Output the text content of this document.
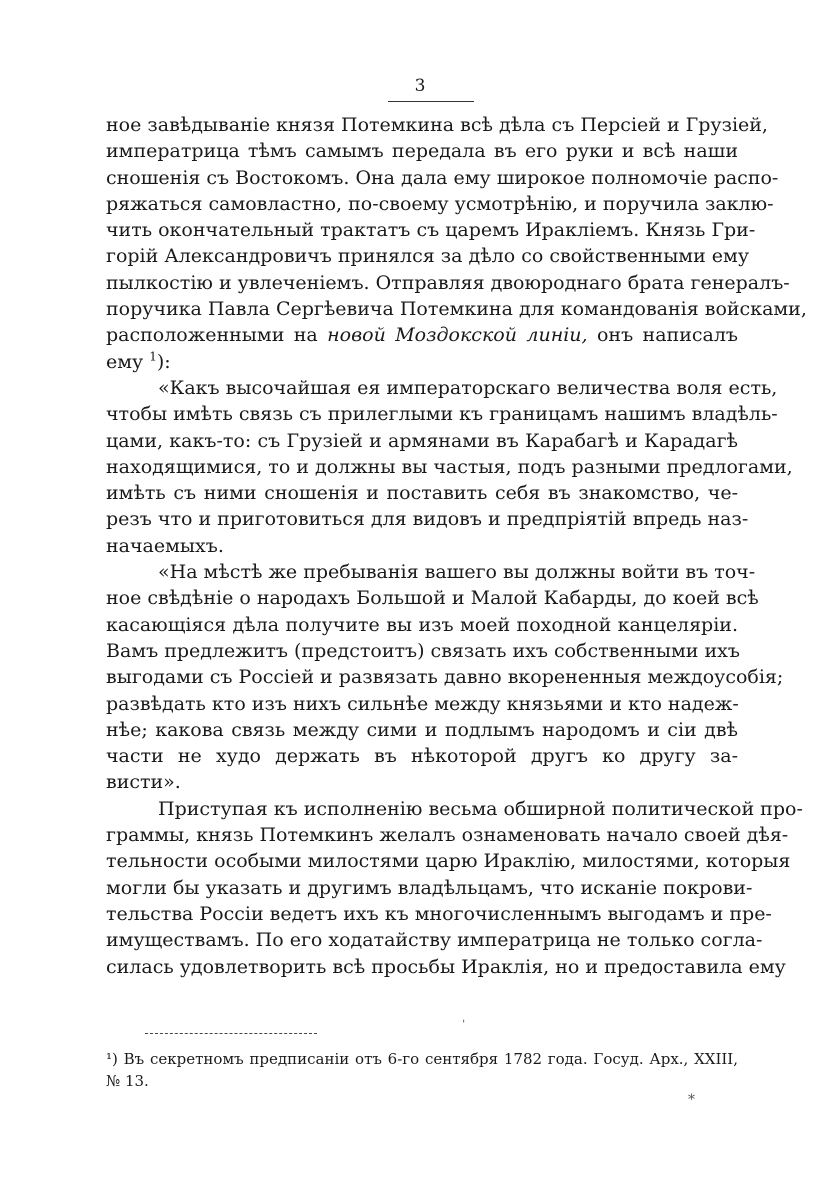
3
ное завѣдываніе князя Потемкина всѣ дѣла съ Персіей и Грузіей,
императрица тѣмъ самымъ передала въ его руки и всѣ наши
сношенія съ Востокомъ. Она дала ему широкое полномочіе распо-
ряжаться самовластно, по-своему усмотрѣнію, и поручила заклю-
чить окончательный трактатъ съ царемъ Иракліемъ. Князь Гри-
горій Александровичъ принялся за дѣло со свойственными ему
пылкостію и увлеченіемъ. Отправляя двоюроднаго брата генералъ-
поручика Павла Сергѣевича Потемкина для командованія войсками,
расположенными на новой Моздокской линіи, онъ написалъ
ему $^1$):
«Какъ высочайшая ея императорскаго величества воля есть,
чтобы имѣть связь съ прилеглыми къ границамъ нашимъ владѣль-
цами, какъ-то: съ Грузіей и армянами въ Карабагѣ и Карадагѣ
находящимися, то и должны вы частыя, подъ разными предлогами,
имѣть съ ними сношенія и поставить себя въ знакомство, че-
резъ что и приготовиться для видовъ и предпріятій впредь наз-
начаемыхъ.
«На мѣстѣ же пребыванія вашего вы должны войти въ точ-
ное свѣдѣніе о народахъ Большой и Малой Кабарды, до коей всѣ
касающіяся дѣла получите вы изъ моей походной канцеляріи.
Вамъ предлежитъ (предстоитъ) связать ихъ собственными ихъ
выгодами съ Россіей и развязать давно вкорененныя междоусобія;
развѣдать кто изъ нихъ сильнѣе между князьями и кто надеж-
нѣе; какова связь между сими и подлымъ народомъ и сіи двѣ
части не худо держать въ нѣкоторой другъ ко другу за-
висти».
Приступая къ исполненію весьма обширной политической про-
граммы, князь Потемкинъ желалъ ознаменовать начало своей дѣя-
тельности особыми милостями царю Ираклію, милостями, которыя
могли бы указать и другимъ владѣльцамъ, что исканіе покрови-
тельства Россіи ведетъ ихъ къ многочисленнымъ выгодамъ и пре-
имуществамъ. По его ходатайству императрица не только согла-
силась удовлетворить всѣ просьбы Ираклія, но и предоставила ему
ˈ
¹) Въ секретномъ предписаніи отъ 6-го сентября 1782 года. Госуд. Арх., XXIII,
№ 13.
*
